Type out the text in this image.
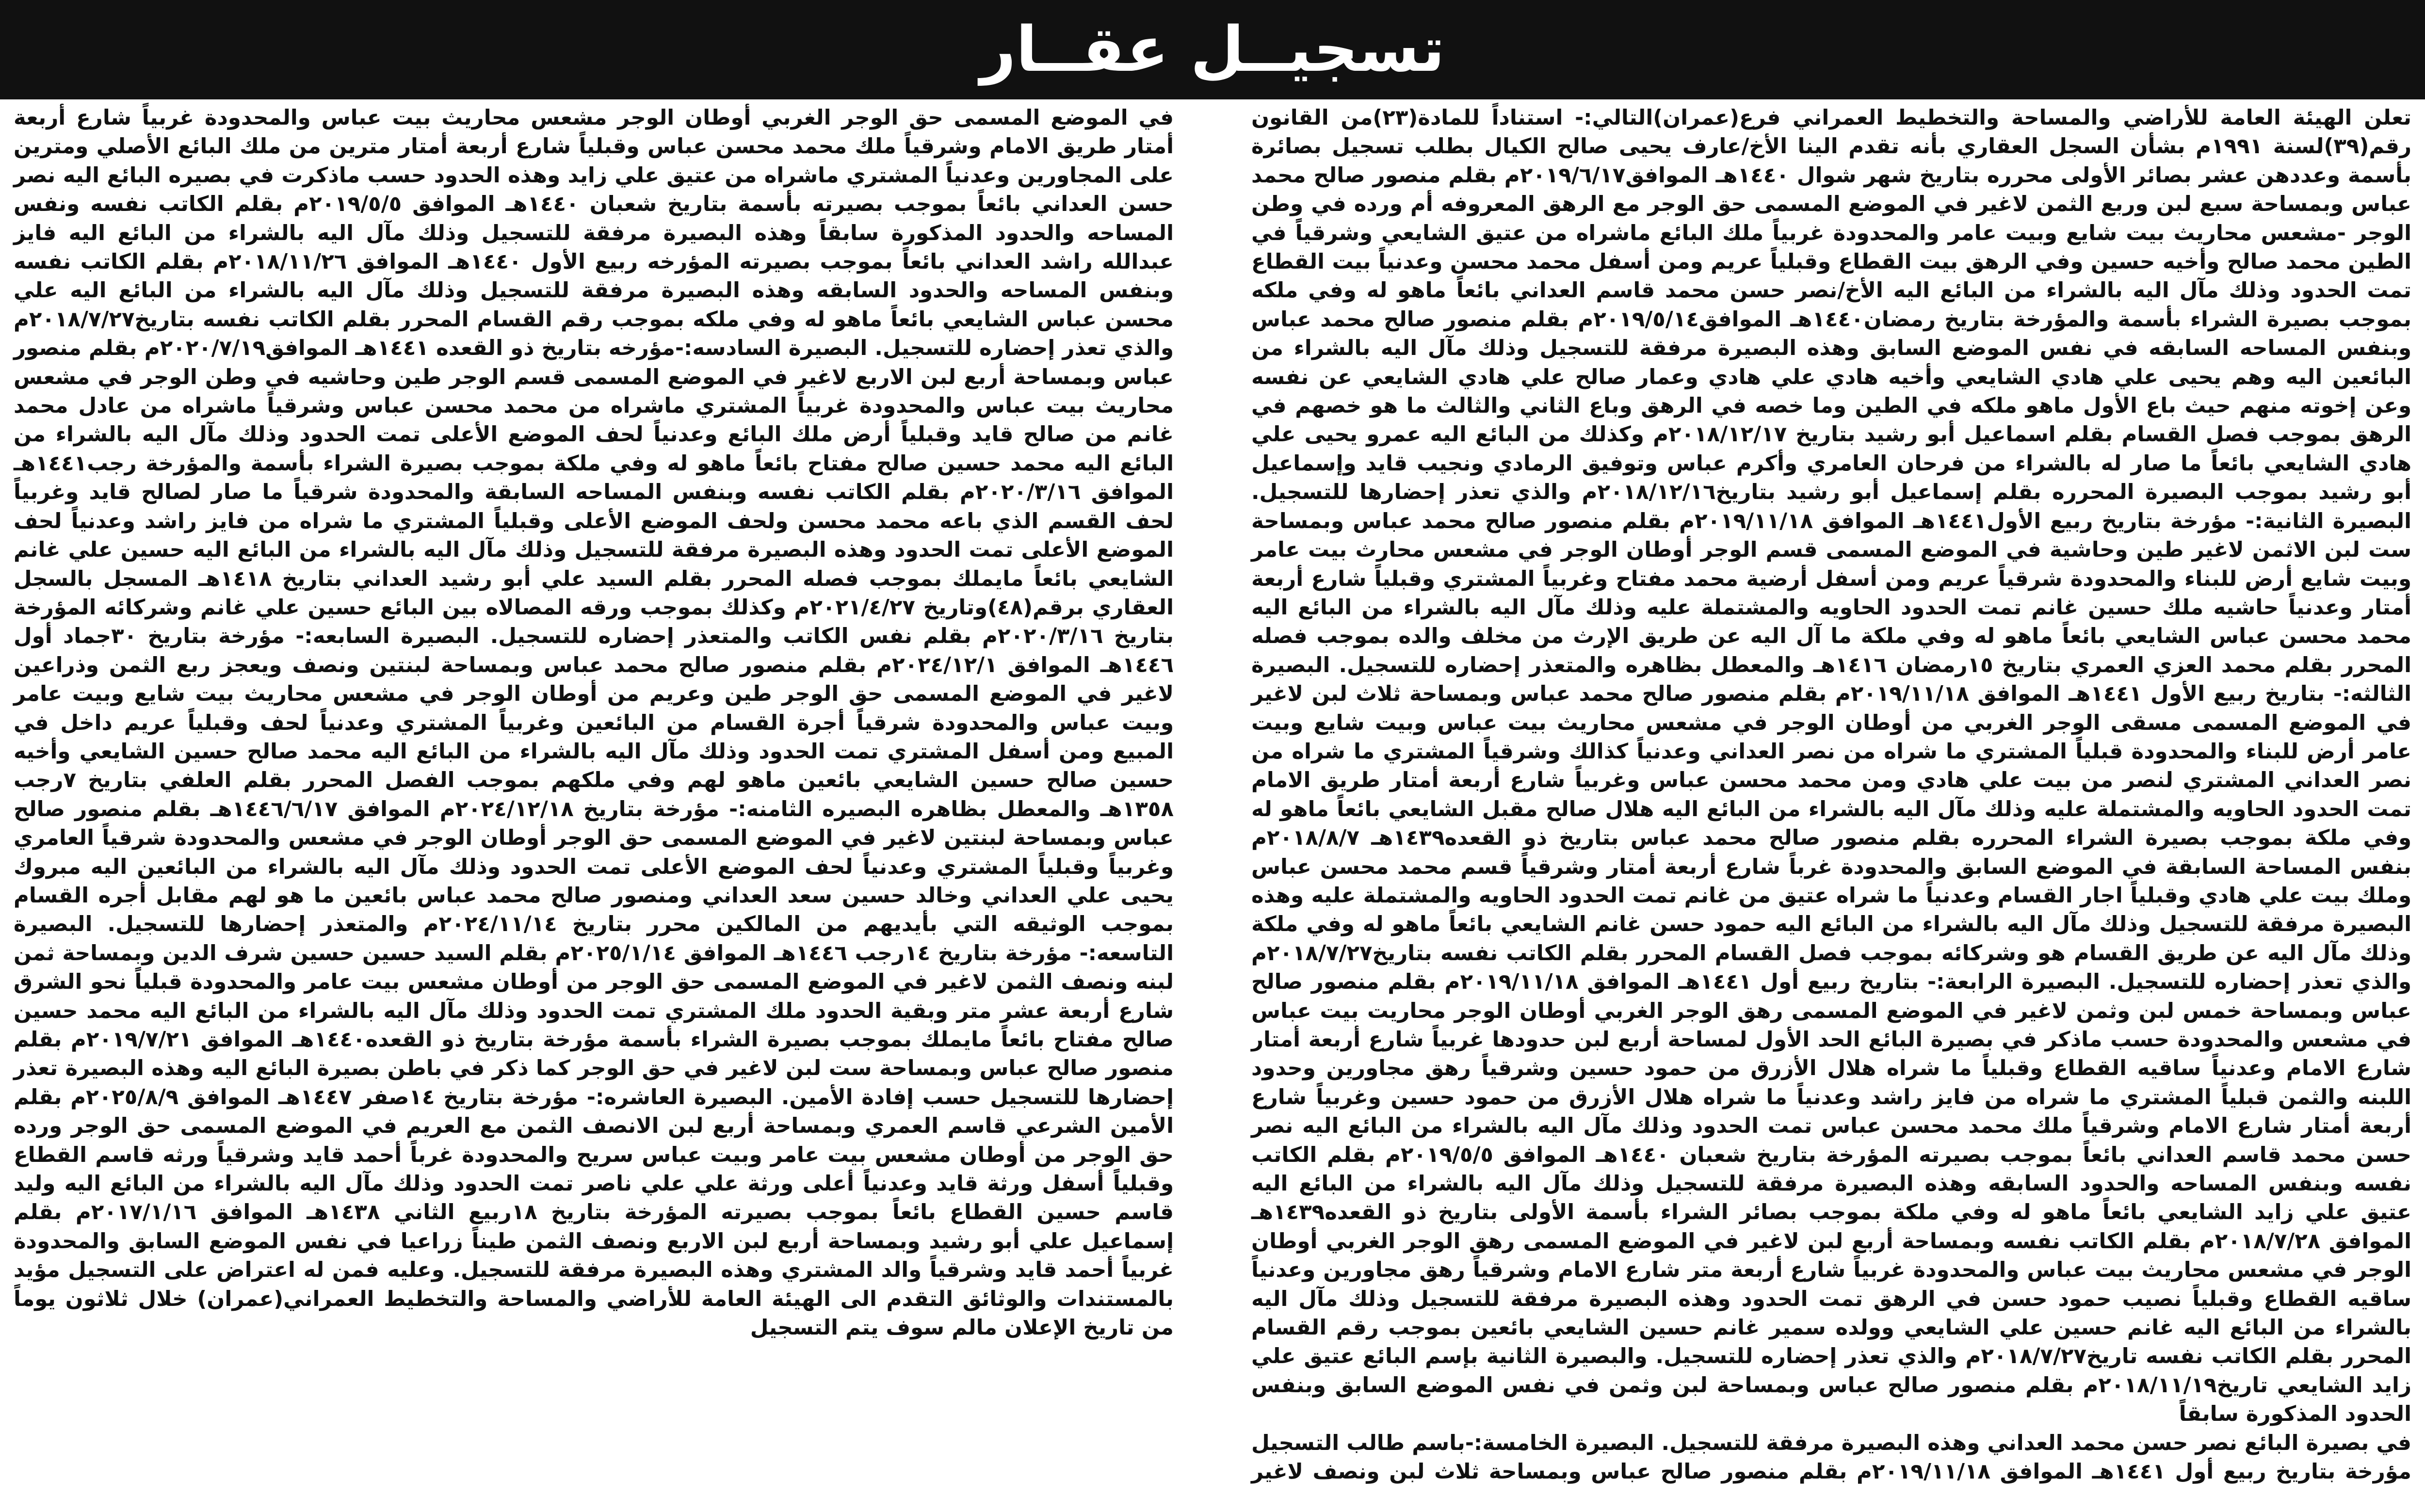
تسجيــل عقــار

تعلن الهيئة العامة للأراضي والمساحة والتخطيط العمراني فرع(عمران)التالي:- استناداً للمادة(٢٣)من القانون رقم(٣٩)لسنة ١٩٩١م بشأن السجل العقاري بأنه تقدم الينا الأخ/عارف يحيى صالح الكيال بطلب تسجيل بصائرة بأسمة وعددهن عشر بصائر الأولى محرره بتاريخ شهر شوال ١٤٤٠هـ الموافق٢٠١٩/٦/١٧م بقلم منصور صالح محمد عباس وبمساحة سبع لبن وربع الثمن لاغير في الموضع المسمى حق الوجر مع الرهق المعروفه أم ورده في وطن الوجر -مشعس محاريث بيت شايع وبيت عامر والمحدودة غربياً ملك البائع ماشراه من عتيق الشايعي وشرقياً في الطين محمد صالح وأخيه حسين وفي الرهق بيت القطاع وقبلياً عريم ومن أسفل محمد محسن وعدنياً بيت القطاع تمت الحدود وذلك مآل اليه بالشراء من البائع اليه الأخ/نصر حسن محمد قاسم العداني بائعاً ماهو له وفي ملكه بموجب بصيرة الشراء بأسمة والمؤرخة بتاريخ رمضان١٤٤٠هـ الموافق٢٠١٩/٥/١٤م بقلم منصور صالح محمد عباس وبنفس المساحه السابقه في نفس الموضع السابق وهذه البصيرة مرفقة للتسجيل وذلك مآل اليه بالشراء من البائعين اليه وهم يحيى علي هادي الشايعي وأخيه هادي علي هادي وعمار صالح علي هادي الشايعي عن نفسه وعن إخوته منهم حيث باع الأول ماهو ملكه في الطين وما خصه في الرهق وباع الثاني والثالث ما هو خصهم في الرهق بموجب فصل القسام بقلم اسماعيل أبو رشيد بتاريخ ٢٠١٨/١٢/١٧م وكذلك من البائع اليه عمرو يحيى علي هادي الشايعي بائعاً ما صار له بالشراء من فرحان العامري وأكرم عباس وتوفيق الرمادي ونجيب قايد وإسماعيل أبو رشيد بموجب البصيرة المحرره بقلم إسماعيل أبو رشيد بتاريخ٢٠١٨/١٢/١٦م والذي تعذر إحضارها للتسجيل. البصيرة الثانية:- مؤرخة بتاريخ ربيع الأول١٤٤١هـ الموافق ٢٠١٩/١١/١٨م بقلم منصور صالح محمد عباس وبمساحة ست لبن الاثمن لاغير طين وحاشية في الموضع المسمى قسم الوجر أوطان الوجر في مشعس محارث بيت عامر وبيت شايع أرض للبناء والمحدودة شرقياً عريم ومن أسفل أرضية محمد مفتاح وغربياً المشتري وقبلياً شارع أربعة أمتار وعدنياً حاشيه ملك حسين غانم تمت الحدود الحاويه والمشتملة عليه وذلك مآل اليه بالشراء من البائع اليه محمد محسن عباس الشايعي بائعاً ماهو له وفي ملكة ما آل اليه عن طريق الإرث من مخلف والده بموجب فصله المحرر بقلم محمد العزي العمري بتاريخ ١٥رمضان ١٤١٦هـ والمعطل بظاهره والمتعذر إحضاره للتسجيل. البصيرة الثالثه:- بتاريخ ربيع الأول ١٤٤١هـ الموافق ٢٠١٩/١١/١٨م بقلم منصور صالح محمد عباس وبمساحة ثلاث لبن لاغير في الموضع المسمى مسقى الوجر الغربي من أوطان الوجر في مشعس محاريث بيت عباس وبيت شايع وبيت عامر أرض للبناء والمحدودة قبلياً المشتري ما شراه من نصر العداني وعدنياً كذالك وشرقياً المشتري ما شراه من نصر العداني المشتري لنصر من بيت علي هادي ومن محمد محسن عباس وغربياً شارع أربعة أمتار طريق الامام تمت الحدود الحاويه والمشتملة عليه وذلك مآل اليه بالشراء من البائع اليه هلال صالح مقبل الشايعي بائعاً ماهو له وفي ملكة بموجب بصيرة الشراء المحرره بقلم منصور صالح محمد عباس بتاريخ ذو القعده١٤٣٩هـ ٢٠١٨/٨/٧م بنفس المساحة السابقة في الموضع السابق والمحدودة غرباً شارع أربعة أمتار وشرقياً قسم محمد محسن عباس وملك بيت علي هادي وقبلياً اجار القسام وعدنياً ما شراه عتيق من غانم تمت الحدود الحاويه والمشتملة عليه وهذه البصيرة مرفقة للتسجيل وذلك مآل اليه بالشراء من البائع اليه حمود حسن غانم الشايعي بائعاً ماهو له وفي ملكة وذلك مآل اليه عن طريق القسام هو وشركائه بموجب فصل القسام المحرر بقلم الكاتب نفسه بتاريخ٢٠١٨/٧/٢٧م والذي تعذر إحضاره للتسجيل. البصيرة الرابعة:- بتاريخ ربيع أول ١٤٤١هـ الموافق ٢٠١٩/١١/١٨م بقلم منصور صالح عباس وبمساحة خمس لبن وثمن لاغير في الموضع المسمى رهق الوجر الغربي أوطان الوجر محاريت بيت عباس في مشعس والمحدودة حسب ماذكر في بصيرة البائع الحد الأول لمساحة أربع لبن حدودها غربياً شارع أربعة أمتار شارع الامام وعدنياً ساقيه القطاع وقبلياً ما شراه هلال الأزرق من حمود حسين وشرقياً رهق مجاورين وحدود اللبنه والثمن قبلياً المشتري ما شراه من فايز راشد وعدنياً ما شراه هلال الأزرق من حمود حسين وغربياً شارع أربعة أمتار شارع الامام وشرقياً ملك محمد محسن عباس تمت الحدود وذلك مآل اليه بالشراء من البائع اليه نصر حسن محمد قاسم العداني بائعاً بموجب بصيرته المؤرخة بتاريخ شعبان ١٤٤٠هـ الموافق ٢٠١٩/٥/٥م بقلم الكاتب نفسه وبنفس المساحه والحدود السابقه وهذه البصيرة مرفقة للتسجيل وذلك مآل اليه بالشراء من البائع اليه عتيق علي زايد الشايعي بائعاً ماهو له وفي ملكة بموجب بصائر الشراء بأسمة الأولى بتاريخ ذو القعده١٤٣٩هـ الموافق ٢٠١٨/٧/٢٨م بقلم الكاتب نفسه وبمساحة أربع لبن لاغير في الموضع المسمى رهق الوجر الغربي أوطان الوجر في مشعس محاريث بيت عباس والمحدودة غربياً شارع أربعة متر شارع الامام وشرقياً رهق مجاورين وعدنياً ساقيه القطاع وقبلياً نصيب حمود حسن في الرهق تمت الحدود وهذه البصيرة مرفقة للتسجيل وذلك مآل اليه بالشراء من البائع اليه غانم حسين علي الشايعي وولده سمير غانم حسين الشايعي بائعين بموجب رقم القسام المحرر بقلم الكاتب نفسه تاريخ٢٠١٨/٧/٢٧م والذي تعذر إحضاره للتسجيل. والبصيرة الثانية بإسم البائع عتيق علي زايد الشايعي تاريخ٢٠١٨/١١/١٩م بقلم منصور صالح عباس وبمساحة لبن وثمن في نفس الموضع السابق وبنفس الحدود المذكورة سابقاً

في بصيرة البائع نصر حسن محمد العداني وهذه البصيرة مرفقة للتسجيل. البصيرة الخامسة:-باسم طالب التسجيل مؤرخة بتاريخ ربيع أول ١٤٤١هـ الموافق ٢٠١٩/١١/١٨م بقلم منصور صالح عباس وبمساحة ثلاث لبن ونصف لاغير في الموضع المسمى حق الوجر الغربي أوطان الوجر مشعس محاريث بيت عباس والمحدودة غربياً شارع أربعة أمتار طريق الامام وشرقياً ملك محمد محسن عباس وقبلياً شارع أربعة أمتار مترين من ملك البائع الأصلي ومترين على المجاورين وعدنياً المشتري ماشراه من عتيق علي زايد وهذه الحدود حسب ماذكرت في بصيره البائع اليه نصر حسن العداني بائعاً بموجب بصيرته بأسمة بتاريخ شعبان ١٤٤٠هـ الموافق ٢٠١٩/٥/٥م بقلم الكاتب نفسه ونفس المساحه والحدود المذكورة سابقاً وهذه البصيرة مرفقة للتسجيل وذلك مآل اليه بالشراء من البائع اليه فايز عبدالله راشد العداني بائعاً بموجب بصيرته المؤرخه ربيع الأول ١٤٤٠هـ الموافق ٢٠١٨/١١/٢٦م بقلم الكاتب نفسه وبنفس المساحه والحدود السابقه وهذه البصيرة مرفقة للتسجيل وذلك مآل اليه بالشراء من البائع اليه علي محسن عباس الشايعي بائعاً ماهو له وفي ملكه بموجب رقم القسام المحرر بقلم الكاتب نفسه بتاريخ٢٠١٨/٧/٢٧م والذي تعذر إحضاره للتسجيل. البصيرة السادسه:-مؤرخه بتاريخ ذو القعده ١٤٤١هـ الموافق٢٠٢٠/٧/١٩م بقلم منصور عباس وبمساحة أربع لبن الاربع لاغير في الموضع المسمى قسم الوجر طين وحاشيه في وطن الوجر في مشعس محاريث بيت عباس والمحدودة غربياً المشتري ماشراه من محمد محسن عباس وشرقياً ماشراه من عادل محمد غانم من صالح قايد وقبلياً أرض ملك البائع وعدنياً لحف الموضع الأعلى تمت الحدود وذلك مآل اليه بالشراء من البائع اليه محمد حسين صالح مفتاح بائعاً ماهو له وفي ملكة بموجب بصيرة الشراء بأسمة والمؤرخة رجب١٤٤١هـ الموافق ٢٠٢٠/٣/١٦م بقلم الكاتب نفسه وبنفس المساحه السابقة والمحدودة شرقياً ما صار لصالح قايد وغربياً لحف القسم الذي باعه محمد محسن ولحف الموضع الأعلى وقبلياً المشتري ما شراه من فايز راشد وعدنياً لحف الموضع الأعلى تمت الحدود وهذه البصيرة مرفقة للتسجيل وذلك مآل اليه بالشراء من البائع اليه حسين علي غانم الشايعي بائعاً مايملك بموجب فصله المحرر بقلم السيد علي أبو رشيد العداني بتاريخ ١٤١٨هـ المسجل بالسجل العقاري برقم(٤٨)وتاريخ ٢٠٢١/٤/٢٧م وكذلك بموجب ورقه المصالاه بين البائع حسين علي غانم وشركائه المؤرخة بتاريخ ٢٠٢٠/٣/١٦م بقلم نفس الكاتب والمتعذر إحضاره للتسجيل. البصيرة السابعه:- مؤرخة بتاريخ ٣٠جماد أول ١٤٤٦هـ الموافق ٢٠٢٤/١٢/١م بقلم منصور صالح محمد عباس وبمساحة لبنتين ونصف ويعجز ربع الثمن وذراعين لاغير في الموضع المسمى حق الوجر طين وعريم من أوطان الوجر في مشعس محاريث بيت شايع وبيت عامر وبيت عباس والمحدودة شرقياً أجرة القسام من البائعين وغربياً المشتري وعدنياً لحف وقبلياً عريم داخل في المبيع ومن أسفل المشتري تمت الحدود وذلك مآل اليه بالشراء من البائع اليه محمد صالح حسين الشايعي وأخيه حسين صالح حسين الشايعي بائعين ماهو لهم وفي ملكهم بموجب الفصل المحرر بقلم العلفي بتاريخ ٧رجب ١٣٥٨هـ والمعطل بظاهره البصيره الثامنه:- مؤرخة بتاريخ ٢٠٢٤/١٢/١٨م الموافق ١٤٤٦/٦/١٧هـ بقلم منصور صالح عباس وبمساحة لبنتين لاغير في الموضع المسمى حق الوجر أوطان الوجر في مشعس والمحدودة شرقياً العامري وغربياً وقبلياً المشتري وعدنياً لحف الموضع الأعلى تمت الحدود وذلك مآل اليه بالشراء من البائعين اليه مبروك يحيى علي العداني وخالد حسين سعد العداني ومنصور صالح محمد عباس بائعين ما هو لهم مقابل أجره القسام بموجب الوثيقه التي بأيديهم من المالكين محرر بتاريخ ٢٠٢٤/١١/١٤م والمتعذر إحضارها للتسجيل. البصيرة التاسعه:- مؤرخة بتاريخ ١٤رجب ١٤٤٦هـ الموافق ٢٠٢٥/١/١٤م بقلم السيد حسين حسين شرف الدين وبمساحة ثمن لبنه ونصف الثمن لاغير في الموضع المسمى حق الوجر من أوطان مشعس بيت عامر والمحدودة قبلياً نحو الشرق شارع أربعة عشر متر وبقية الحدود ملك المشتري تمت الحدود وذلك مآل اليه بالشراء من البائع اليه محمد حسين صالح مفتاح بائعاً مايملك بموجب بصيرة الشراء بأسمة مؤرخة بتاريخ ذو القعده١٤٤٠هـ الموافق ٢٠١٩/٧/٢١م بقلم منصور صالح عباس وبمساحة ست لبن لاغير في حق الوجر كما ذكر في باطن بصيرة البائع اليه وهذه البصيرة تعذر إحضارها للتسجيل حسب إفادة الأمين. البصيرة العاشره:- مؤرخة بتاريخ ١٤صفر ١٤٤٧هـ الموافق ٢٠٢٥/٨/٩م بقلم الأمين الشرعي قاسم العمري وبمساحة أربع لبن الانصف الثمن مع العريم في الموضع المسمى حق الوجر ورده حق الوجر من أوطان مشعس بيت عامر وبيت عباس سريح والمحدودة غرباً أحمد قايد وشرقياً ورثه قاسم القطاع وقبلياً أسفل ورثة قايد وعدنياً أعلى ورثة علي علي ناصر تمت الحدود وذلك مآل اليه بالشراء من البائع اليه وليد قاسم حسين القطاع بائعاً بموجب بصيرته المؤرخة بتاريخ ١٨ربيع الثاني ١٤٣٨هـ الموافق ٢٠١٧/١/١٦م بقلم إسماعيل علي أبو رشيد وبمساحة أربع لبن الاربع ونصف الثمن طيناً زراعيا في نفس الموضع السابق والمحدودة غربياً أحمد قايد وشرقياً والد المشتري وهذه البصيرة مرفقة للتسجيل. وعليه فمن له اعتراض على التسجيل مؤيد بالمستندات والوثائق التقدم الى الهيئة العامة للأراضي والمساحة والتخطيط العمراني(عمران) خلال ثلاثون يوماً من تاريخ الإعلان مالم سوف يتم التسجيل
